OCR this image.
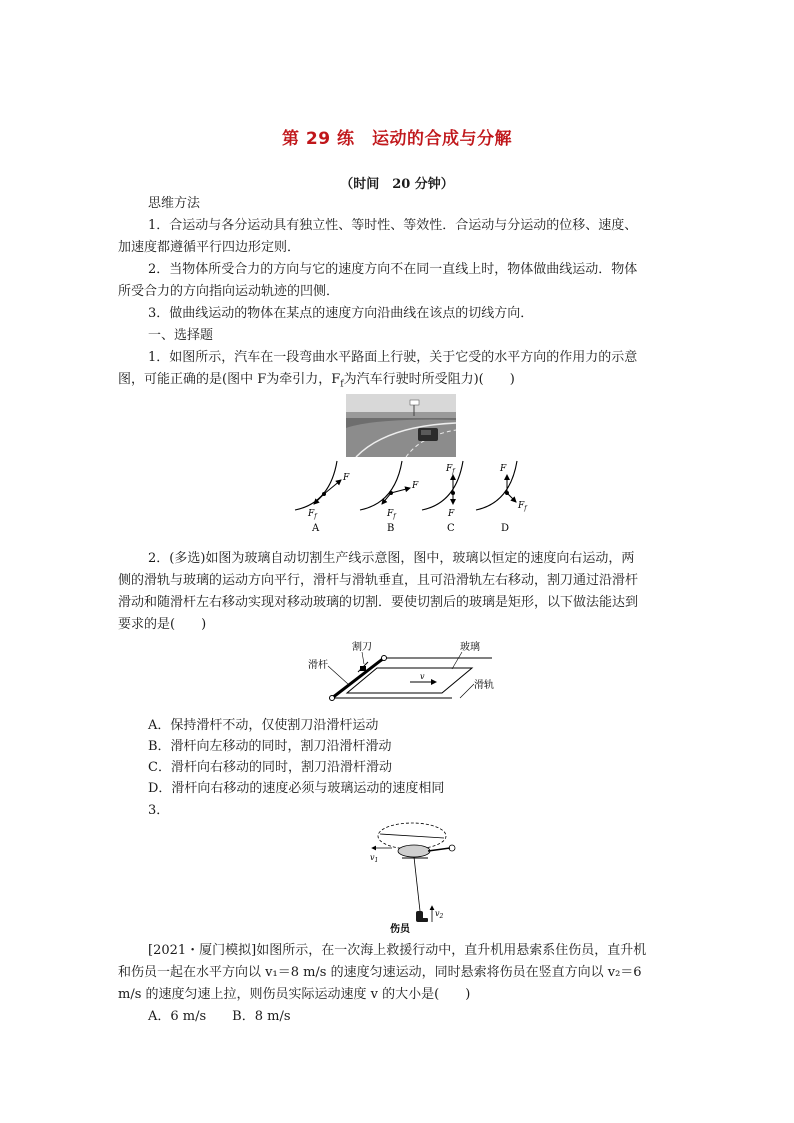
第 29 练　运动的合成与分解
（时间　20 分钟）
思维方法
1．合运动与各分运动具有独立性、等时性、等效性．合运动与分运动的位移、速度、
加速度都遵循平行四边形定则．
2．当物体所受合力的方向与它的速度方向不在同一直线上时，物体做曲线运动．物体
所受合力的方向指向运动轨迹的凹侧．
3．做曲线运动的物体在某点的速度方向沿曲线在该点的切线方向．
一、选择题
1．如图所示，汽车在一段弯曲水平路面上行驶，关于它受的水平方向的作用力的示意
图，可能正确的是(图中 F为牵引力，$F_f$为汽车行驶时所受阻力)(　　)
F
$F_f$
A
F
$F_f$
B
$F_f$
F
C
F
$F_f$
D
2．(多选)如图为玻璃自动切割生产线示意图，图中，玻璃以恒定的速度向右运动，两
侧的滑轨与玻璃的运动方向平行，滑杆与滑轨垂直，且可沿滑轨左右移动，割刀通过沿滑杆
滑动和随滑杆左右移动实现对移动玻璃的切割．要使切割后的玻璃是矩形，以下做法能达到
要求的是(　　)
v
割刀	玻璃
滑杆
滑轨
A．保持滑杆不动，仅使割刀沿滑杆运动
B．滑杆向左移动的同时，割刀沿滑杆滑动
C．滑杆向右移动的同时，割刀沿滑杆滑动
D．滑杆向右移动的速度必须与玻璃运动的速度相同
3．
$v_1$
$v_2$
伤员
[2021・厦门模拟]如图所示，在一次海上救援行动中，直升机用悬索系住伤员，直升机
和伤员一起在水平方向以 v₁＝8 m/s 的速度匀速运动，同时悬索将伤员在竖直方向以 v₂＝6
m/s 的速度匀速上拉，则伤员实际运动速度 v 的大小是(　　)
A．6 m/s　　B．8 m/s
